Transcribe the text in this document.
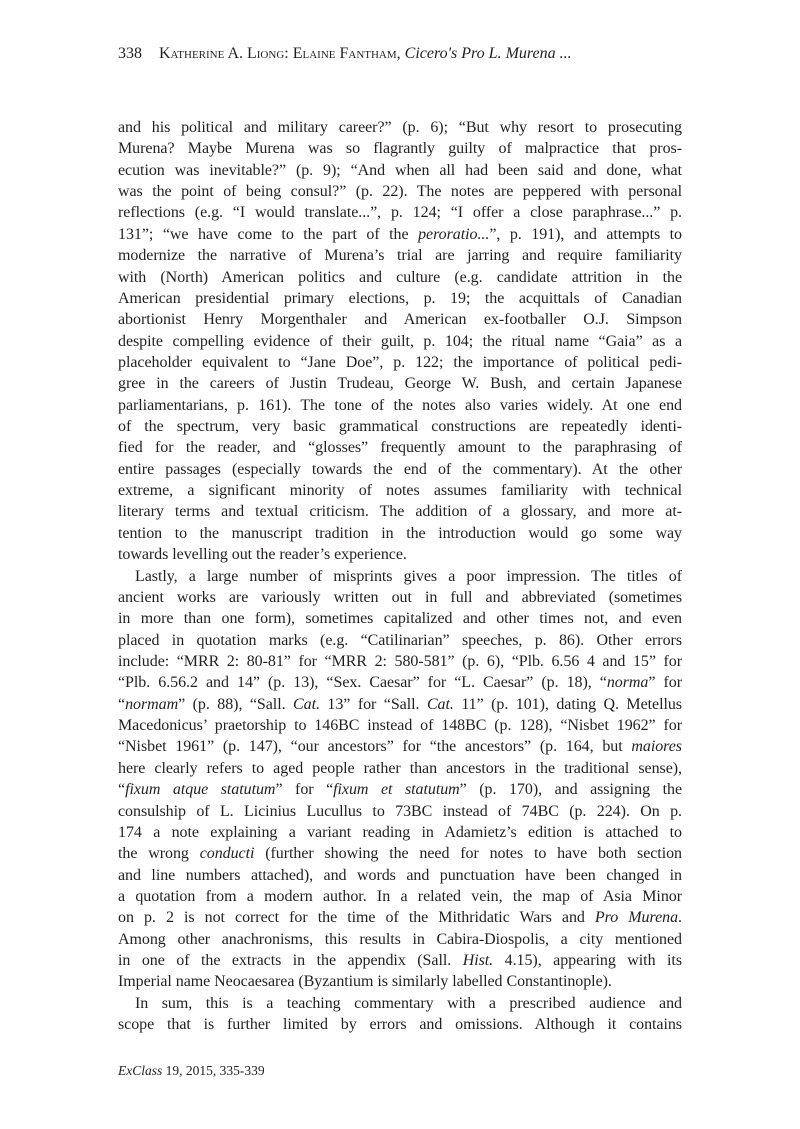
338 Katherine A. Liong: Elaine Fantham, Cicero's Pro L. Murena ...
and his political and military career?” (p. 6); “But why resort to prosecuting
Murena? Maybe Murena was so flagrantly guilty of malpractice that pros-
ecution was inevitable?” (p. 9); “And when all had been said and done, what
was the point of being consul?” (p. 22). The notes are peppered with personal
reflections (e.g. “I would translate...”, p. 124; “I offer a close paraphrase...” p.
131”; “we have come to the part of the peroratio...”, p. 191), and attempts to
modernize the narrative of Murena’s trial are jarring and require familiarity
with (North) American politics and culture (e.g. candidate attrition in the
American presidential primary elections, p. 19; the acquittals of Canadian
abortionist Henry Morgenthaler and American ex-footballer O.J. Simpson
despite compelling evidence of their guilt, p. 104; the ritual name “Gaia” as a
placeholder equivalent to “Jane Doe”, p. 122; the importance of political pedi-
gree in the careers of Justin Trudeau, George W. Bush, and certain Japanese
parliamentarians, p. 161). The tone of the notes also varies widely. At one end
of the spectrum, very basic grammatical constructions are repeatedly identi-
fied for the reader, and “glosses” frequently amount to the paraphrasing of
entire passages (especially towards the end of the commentary). At the other
extreme, a significant minority of notes assumes familiarity with technical
literary terms and textual criticism. The addition of a glossary, and more at-
tention to the manuscript tradition in the introduction would go some way
towards levelling out the reader’s experience.
Lastly, a large number of misprints gives a poor impression. The titles of
ancient works are variously written out in full and abbreviated (sometimes
in more than one form), sometimes capitalized and other times not, and even
placed in quotation marks (e.g. “Catilinarian” speeches, p. 86). Other errors
include: “MRR 2: 80-81” for “MRR 2: 580-581” (p. 6), “Plb. 6.56 4 and 15” for
“Plb. 6.56.2 and 14” (p. 13), “Sex. Caesar” for “L. Caesar” (p. 18), “norma” for
“normam” (p. 88), “Sall. Cat. 13” for “Sall. Cat. 11” (p. 101), dating Q. Metellus
Macedonicus’ praetorship to 146BC instead of 148BC (p. 128), “Nisbet 1962” for
“Nisbet 1961” (p. 147), “our ancestors” for “the ancestors” (p. 164, but maiores
here clearly refers to aged people rather than ancestors in the traditional sense),
“fixum atque statutum” for “fixum et statutum” (p. 170), and assigning the
consulship of L. Licinius Lucullus to 73BC instead of 74BC (p. 224). On p.
174 a note explaining a variant reading in Adamietz’s edition is attached to
the wrong conducti (further showing the need for notes to have both section
and line numbers attached), and words and punctuation have been changed in
a quotation from a modern author. In a related vein, the map of Asia Minor
on p. 2 is not correct for the time of the Mithridatic Wars and Pro Murena.
Among other anachronisms, this results in Cabira-Diospolis, a city mentioned
in one of the extracts in the appendix (Sall. Hist. 4.15), appearing with its
Imperial name Neocaesarea (Byzantium is similarly labelled Constantinople).
In sum, this is a teaching commentary with a prescribed audience and
scope that is further limited by errors and omissions. Although it contains
ExClass 19, 2015, 335-339
